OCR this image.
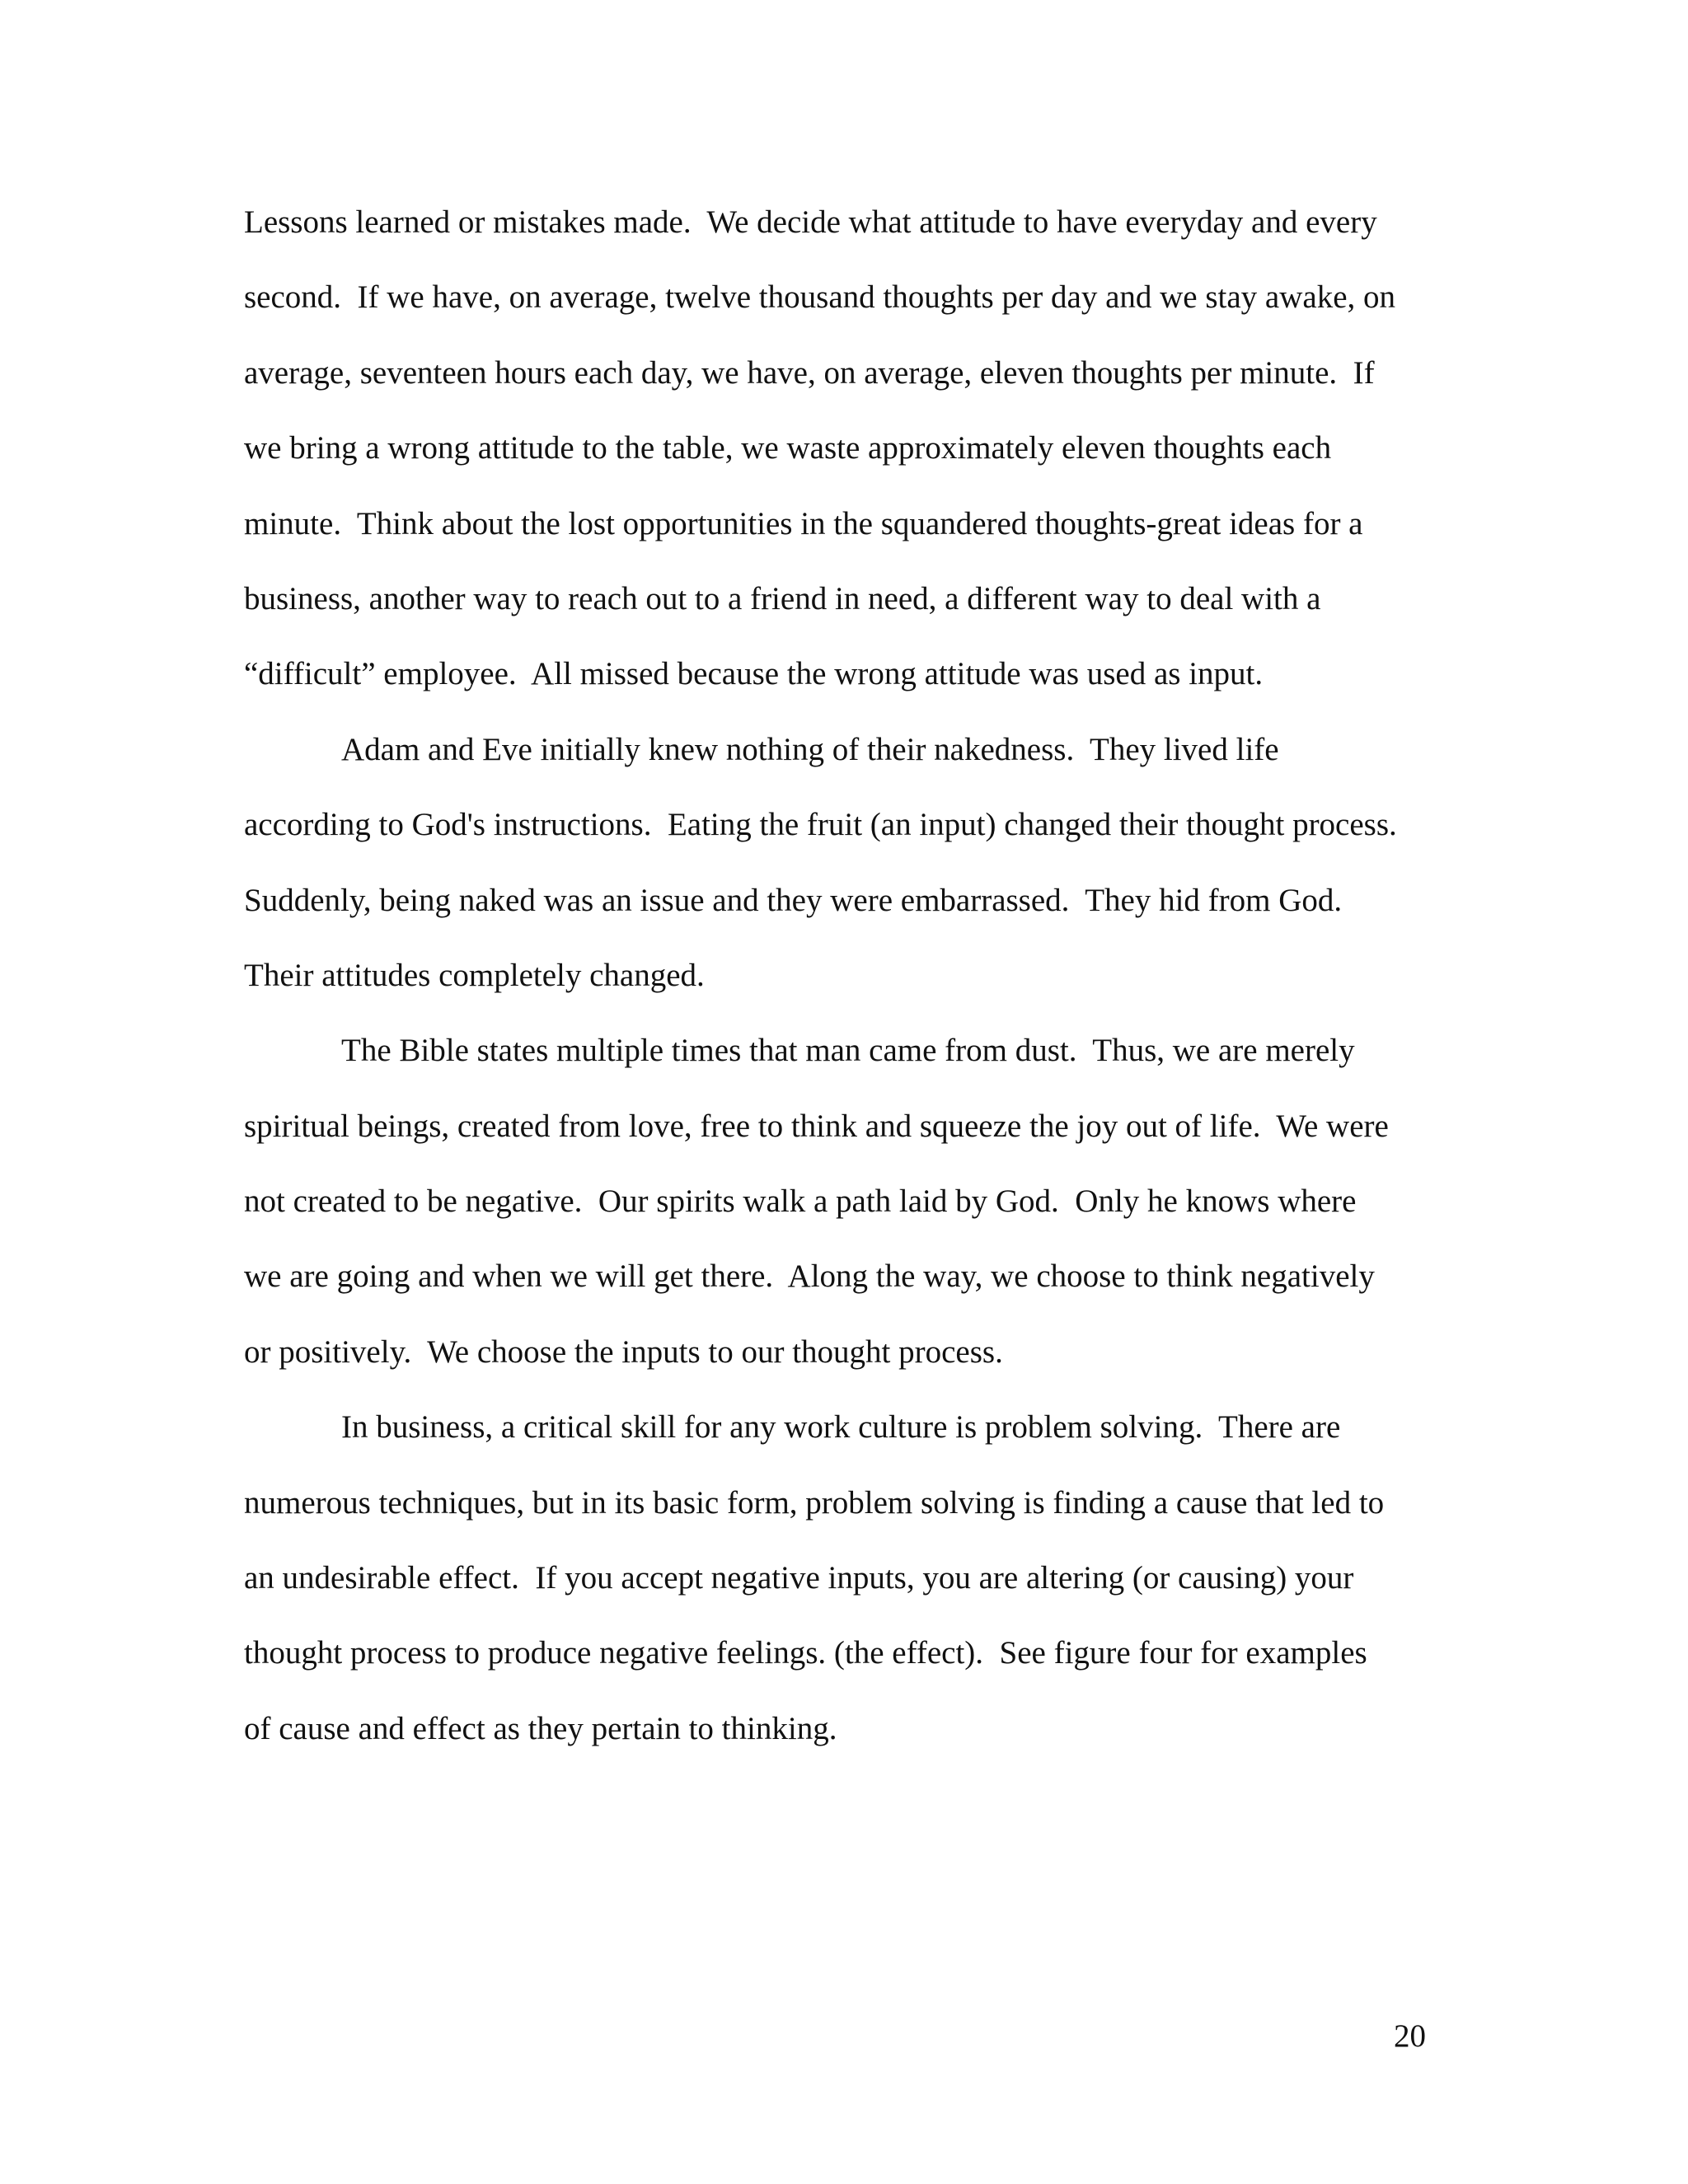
Lessons learned or mistakes made.  We decide what attitude to have everyday and every
second.  If we have, on average, twelve thousand thoughts per day and we stay awake, on
average, seventeen hours each day, we have, on average, eleven thoughts per minute.  If
we bring a wrong attitude to the table, we waste approximately eleven thoughts each
minute.  Think about the lost opportunities in the squandered thoughts-great ideas for a
business, another way to reach out to a friend in need, a different way to deal with a
“difficult” employee.  All missed because the wrong attitude was used as input.
Adam and Eve initially knew nothing of their nakedness.  They lived life
according to God's instructions.  Eating the fruit (an input) changed their thought process.
Suddenly, being naked was an issue and they were embarrassed.  They hid from God.
Their attitudes completely changed.
The Bible states multiple times that man came from dust.  Thus, we are merely
spiritual beings, created from love, free to think and squeeze the joy out of life.  We were
not created to be negative.  Our spirits walk a path laid by God.  Only he knows where
we are going and when we will get there.  Along the way, we choose to think negatively
or positively.  We choose the inputs to our thought process.
In business, a critical skill for any work culture is problem solving.  There are
numerous techniques, but in its basic form, problem solving is finding a cause that led to
an undesirable effect.  If you accept negative inputs, you are altering (or causing) your
thought process to produce negative feelings. (the effect).  See figure four for examples
of cause and effect as they pertain to thinking.
20
